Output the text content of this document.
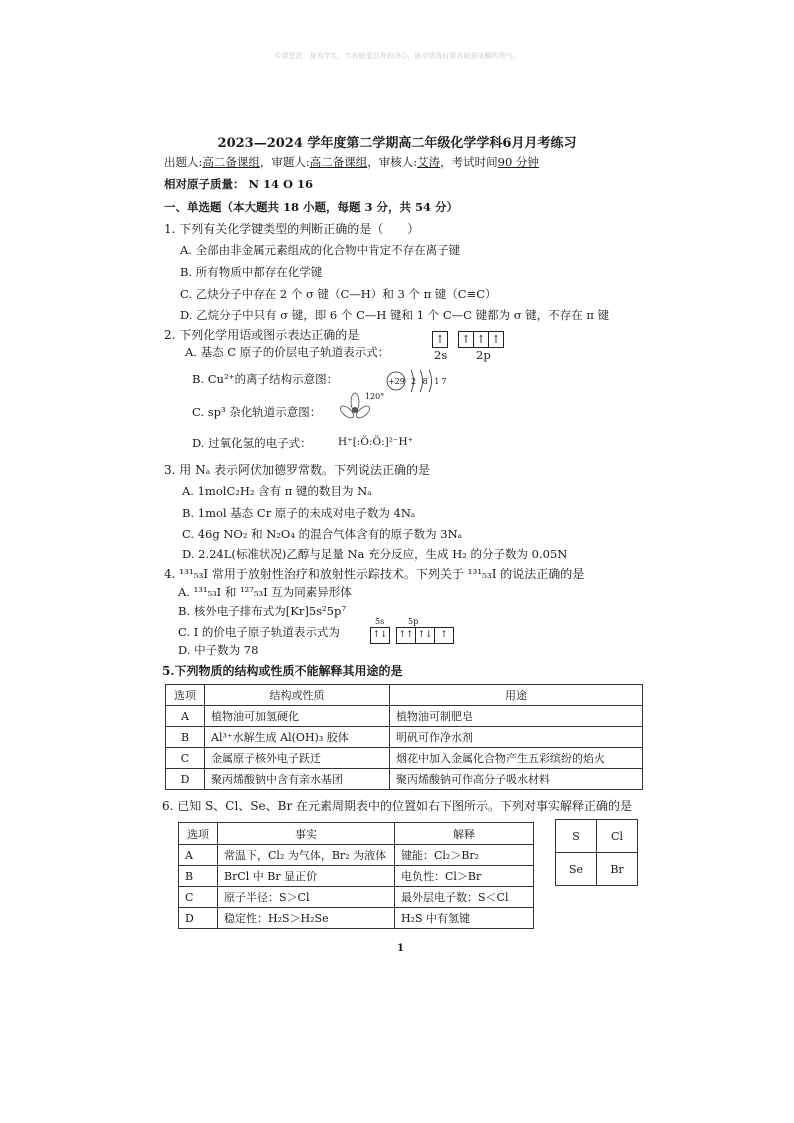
©课堂派：身为学生，当有破釜沉舟的决心，面对挑战时要有破茧成蝶的勇气。
2023—2024 学年度第二学期高二年级化学学科6月月考练习
出题人:高二备课组，审题人:高二备课组，审核人:艾涛，考试时间90 分钟
相对原子质量： N 14 O 16
一、单选题（本大题共 18 小题，每题 3 分，共 54 分）
1. 下列有关化学键类型的判断正确的是（　　）
A. 全部由非金属元素组成的化合物中肯定不存在离子键
B. 所有物质中都存在化学键
C. 乙炔分子中存在 2 个 σ 键（C—H）和 3 个 π 键（C≡C）
D. 乙烷分子中只有 σ 键，即 6 个 C—H 键和 1 个 C—C 键都为 σ 键，不存在 π 键
2. 下列化学用语或图示表达正确的是
A. 基态 C 原子的价层电子轨道表示式：
↑	↑ ↑ ↑
2s	2p
B. Cu²⁺的离子结构示意图：	+29 2 8 17
C. sp³ 杂化轨道示意图：
120°
D. 过氧化氢的电子式：	H⁺[:Ö:Ö:]²⁻H⁺
3. 用 Nₐ 表示阿伏加德罗常数。下列说法正确的是
A. 1molC₂H₂ 含有 π 键的数目为 Nₐ
B. 1mol 基态 Cr 原子的未成对电子数为 4Nₐ
C. 46g NO₂ 和 N₂O₄ 的混合气体含有的原子数为 3Nₐ
D. 2.24L(标准状况)乙醇与足量 Na 充分反应，生成 H₂ 的分子数为 0.05N
4. ¹³¹₅₃I 常用于放射性治疗和放射性示踪技术。下列关于 ¹³¹₅₃I 的说法正确的是
A. ¹³¹₅₃I 和 ¹²⁷₅₃I 互为同素异形体
B. 核外电子排布式为[Kr]5s²5p⁷
C. I 的价电子原子轨道表示式为
5s	5p
↑↓ ↑↑ ↑↓ ↑
D. 中子数为 78
5.下列物质的结构或性质不能解释其用途的是
选项	结构或性质	用途
A	植物油可加氢硬化	植物油可制肥皂
B	Al³⁺水解生成 Al(OH)₃ 胶体	明矾可作净水剂
C	金属原子核外电子跃迁	烟花中加入金属化合物产生五彩缤纷的焰火
D	聚丙烯酸钠中含有亲水基团	聚丙烯酸钠可作高分子吸水材料
6. 已知 S、Cl、Se、Br 在元素周期表中的位置如右下图所示。下列对事实解释正确的是
选项	事实	解释
A	常温下，Cl₂ 为气体，Br₂ 为液体	键能：Cl₂＞Br₂
B	BrCl 中 Br 显正价	电负性：Cl＞Br
C	原子半径：S＞Cl	最外层电子数：S＜Cl
D	稳定性：H₂S＞H₂Se	H₂S 中有氢键
S	Cl
Se	Br
1
